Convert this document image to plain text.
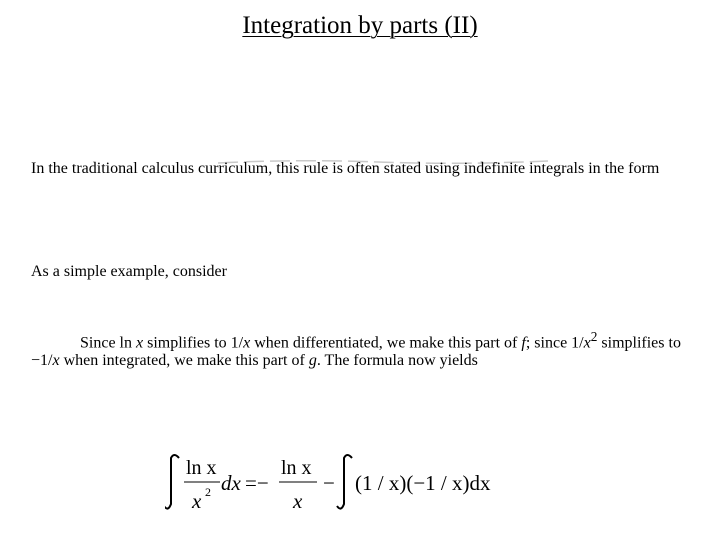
Integration by parts (II)
In the traditional calculus curriculum, this rule is often stated using indefinite integrals in the form
As a simple example, consider
Since ln x simplifies to 1/x when differentiated, we make this part of f; since $1/x^2$ simplifies to −1/x when integrated, we make this part of g. The formula now yields
ln x
x 2 dx =−
ln x
x
− (1 / x)(−1 / x)dx
